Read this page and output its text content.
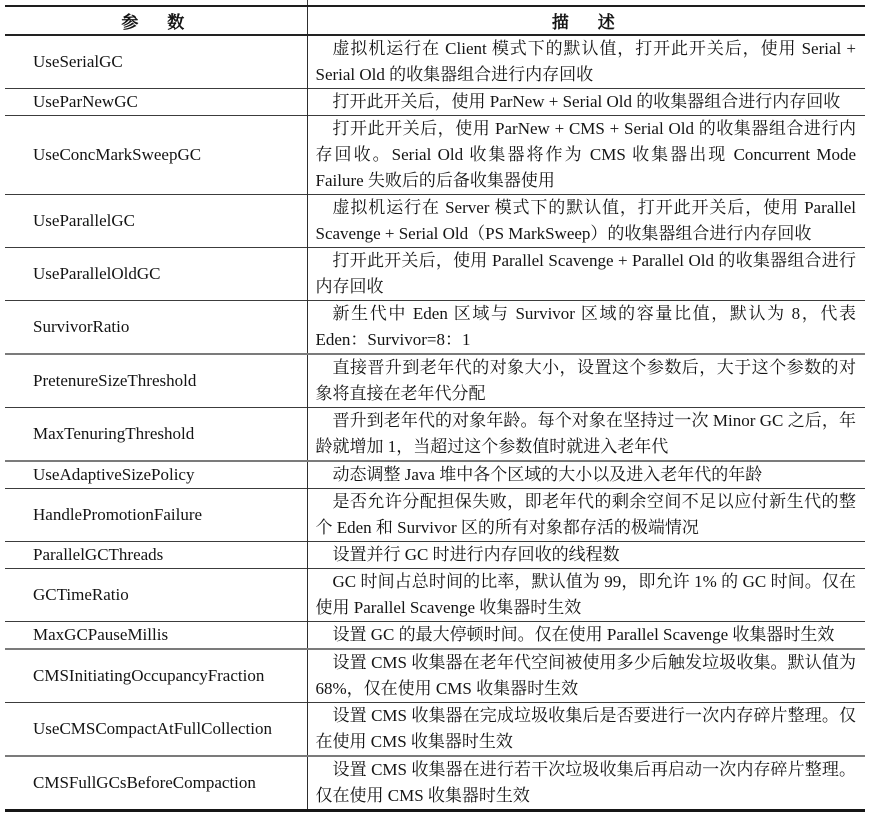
参　数	描　述
UseSerialGC	虚拟机运行在 Client 模式下的默认值，打开此开关后，使用 Serial + Serial Old 的收集器组合进行内存回收

UseParNewGC	打开此开关后，使用 ParNew + Serial Old 的收集器组合进行内存回收

UseConcMarkSweepGC	打开此开关后，使用 ParNew + CMS + Serial Old 的收集器组合进行内存回收。Serial Old 收集器将作为 CMS 收集器出现 Concurrent Mode Failure 失败后的后备收集器使用

UseParallelGC	虚拟机运行在 Server 模式下的默认值，打开此开关后，使用 Parallel Scavenge + Serial Old（PS MarkSweep）的收集器组合进行内存回收

UseParallelOldGC	打开此开关后，使用 Parallel Scavenge + Parallel Old 的收集器组合进行内存回收

SurvivorRatio	新生代中 Eden 区域与 Survivor 区域的容量比值，默认为 8，代表 Eden：Survivor=8：1

PretenureSizeThreshold	直接晋升到老年代的对象大小，设置这个参数后，大于这个参数的对象将直接在老年代分配

MaxTenuringThreshold	晋升到老年代的对象年龄。每个对象在坚持过一次 Minor GC 之后，年龄就增加 1，当超过这个参数值时就进入老年代

UseAdaptiveSizePolicy	动态调整 Java 堆中各个区域的大小以及进入老年代的年龄

HandlePromotionFailure	是否允许分配担保失败，即老年代的剩余空间不足以应付新生代的整个 Eden 和 Survivor 区的所有对象都存活的极端情况

ParallelGCThreads	设置并行 GC 时进行内存回收的线程数

GCTimeRatio	GC 时间占总时间的比率，默认值为 99，即允许 1% 的 GC 时间。仅在使用 Parallel Scavenge 收集器时生效

MaxGCPauseMillis	设置 GC 的最大停顿时间。仅在使用 Parallel Scavenge 收集器时生效

CMSInitiatingOccupancyFraction	设置 CMS 收集器在老年代空间被使用多少后触发垃圾收集。默认值为 68%，仅在使用 CMS 收集器时生效

UseCMSCompactAtFullCollection	设置 CMS 收集器在完成垃圾收集后是否要进行一次内存碎片整理。仅在使用 CMS 收集器时生效

CMSFullGCsBeforeCompaction	设置 CMS 收集器在进行若干次垃圾收集后再启动一次内存碎片整理。仅在使用 CMS 收集器时生效
